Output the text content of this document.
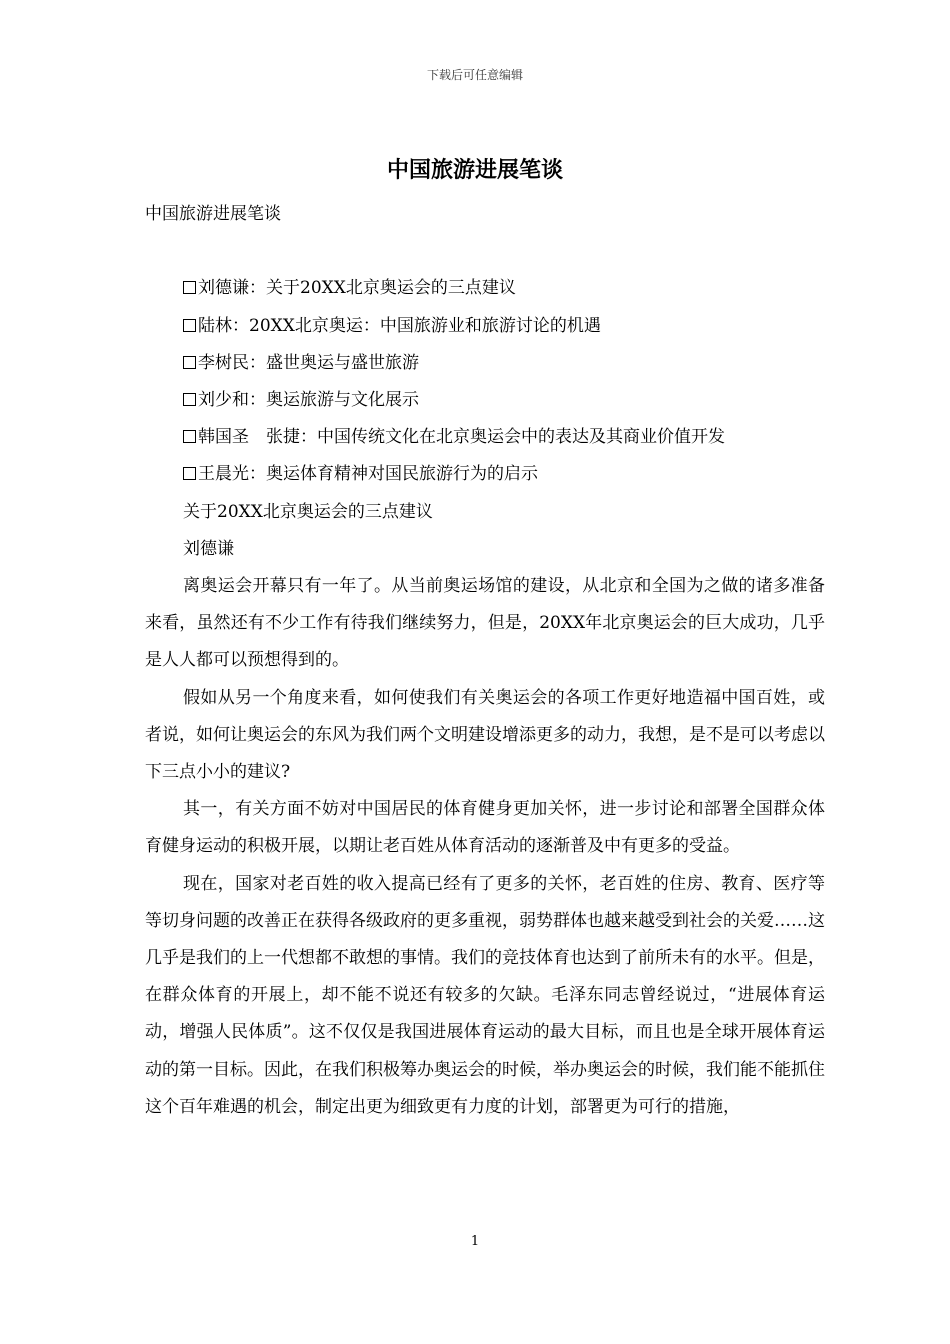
下载后可任意编辑
中国旅游进展笔谈

中国旅游进展笔谈

刘德谦：关于20XX北京奥运会的三点建议

陆林：20XX北京奥运：中国旅游业和旅游讨论的机遇

李树民：盛世奥运与盛世旅游

刘少和：奥运旅游与文化展示

韩国圣　张捷：中国传统文化在北京奥运会中的表达及其商业价值开发

王晨光：奥运体育精神对国民旅游行为的启示

关于20XX北京奥运会的三点建议

刘德谦

离奥运会开幕只有一年了。从当前奥运场馆的建设，从北京和全国为之做的诸多准备来看，虽然还有不少工作有待我们继续努力，但是，20XX年北京奥运会的巨大成功，几乎是人人都可以预想得到的。

假如从另一个角度来看，如何使我们有关奥运会的各项工作更好地造福中国百姓，或者说，如何让奥运会的东风为我们两个文明建设增添更多的动力，我想，是不是可以考虑以下三点小小的建议?

其一，有关方面不妨对中国居民的体育健身更加关怀，进一步讨论和部署全国群众体育健身运动的积极开展，以期让老百姓从体育活动的逐渐普及中有更多的受益。

现在，国家对老百姓的收入提高已经有了更多的关怀，老百姓的住房、教育、医疗等等切身问题的改善正在获得各级政府的更多重视，弱势群体也越来越受到社会的关爱……这几乎是我们的上一代想都不敢想的事情。我们的竞技体育也达到了前所未有的水平。但是，在群众体育的开展上，却不能不说还有较多的欠缺。毛泽东同志曾经说过，“进展体育运动，增强人民体质”。这不仅仅是我国进展体育运动的最大目标，而且也是全球开展体育运动的第一目标。因此，在我们积极筹办奥运会的时候，举办奥运会的时候，我们能不能抓住这个百年难遇的机会，制定出更为细致更有力度的计划，部署更为可行的措施，

1
